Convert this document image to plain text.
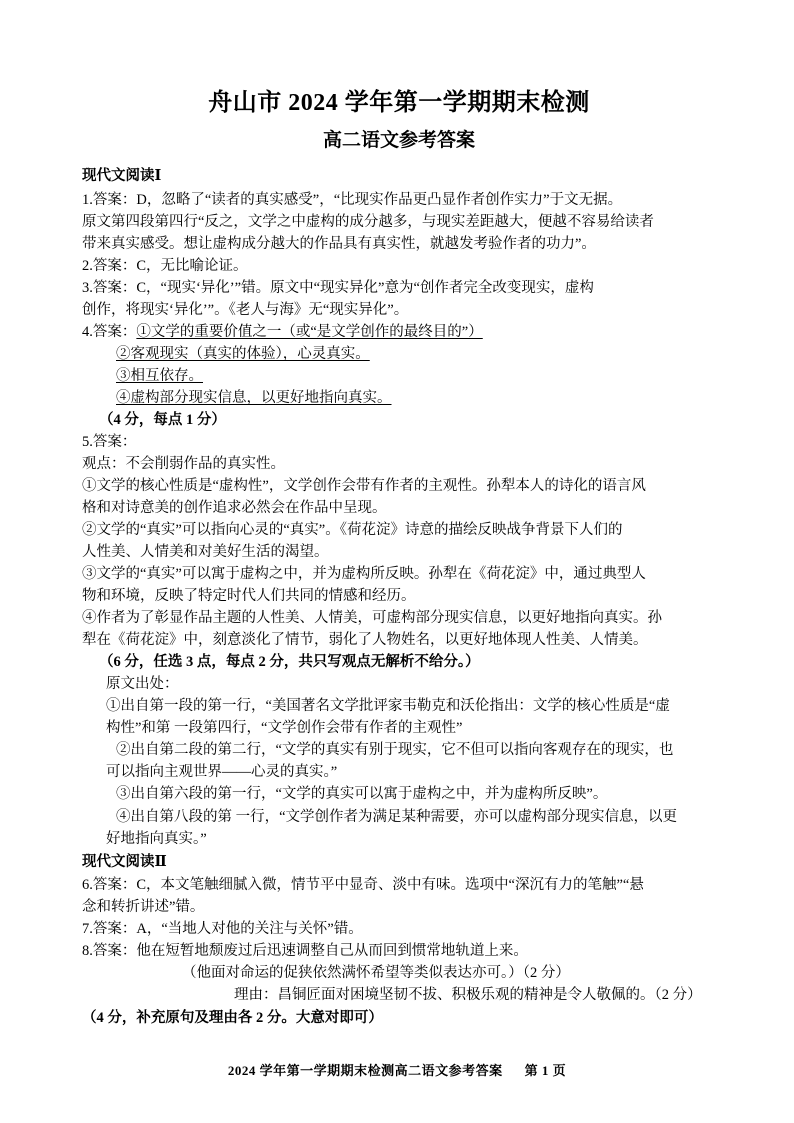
舟山市 2024 学年第一学期期末检测
高二语文参考答案

现代文阅读Ⅰ

1.答案：D，忽略了“读者的真实感受”，“比现实作品更凸显作者创作实力”于文无据。

原文第四段第四行“反之，文学之中虚构的成分越多，与现实差距越大，便越不容易给读者

带来真实感受。想让虚构成分越大的作品具有真实性，就越发考验作者的功力”。

2.答案：C，无比喻论证。

3.答案：C，“现实‘异化’”错。原文中“现实异化”意为“创作者完全改变现实，虚构

创作，将现实‘异化’”。《老人与海》无“现实异化”。

4.答案：①文学的重要价值之一（或“是文学创作的最终目的”）

②客观现实（真实的体验），心灵真实。

③相互依存。

④虚构部分现实信息，以更好地指向真实。

（4 分，每点 1 分）

5.答案：

观点：不会削弱作品的真实性。

①文学的核心性质是“虚构性”，文学创作会带有作者的主观性。孙犁本人的诗化的语言风

格和对诗意美的创作追求必然会在作品中呈现。

②文学的“真实”可以指向心灵的“真实”。《荷花淀》诗意的描绘反映战争背景下人们的

人性美、人情美和对美好生活的渴望。

③文学的“真实”可以寓于虚构之中，并为虚构所反映。孙犁在《荷花淀》中，通过典型人

物和环境，反映了特定时代人们共同的情感和经历。

④作者为了彰显作品主题的人性美、人情美，可虚构部分现实信息，以更好地指向真实。孙

犁在《荷花淀》中，刻意淡化了情节，弱化了人物姓名，以更好地体现人性美、人情美。

（6 分，任选 3 点，每点 2 分，共只写观点无解析不给分。）

原文出处：

①出自第一段的第一行，“美国著名文学批评家韦勒克和沃伦指出：文学的核心性质是“虚

构性”和第 一段第四行，“文学创作会带有作者的主观性”

②出自第二段的第二行，“文学的真实有别于现实，它不但可以指向客观存在的现实，也

可以指向主观世界——心灵的真实。”

③出自第六段的第一行，“文学的真实可以寓于虚构之中，并为虚构所反映”。

④出自第八段的第 一行，“文学创作者为满足某种需要，亦可以虚构部分现实信息，以更

好地指向真实。”

现代文阅读Ⅱ

6.答案：C，本文笔触细腻入微，情节平中显奇、淡中有味。选项中“深沉有力的笔触”“悬

念和转折讲述”错。

7.答案：A，“当地人对他的关注与关怀”错。

8.答案：他在短暂地颓废过后迅速调整自己从而回到惯常地轨道上来。

（他面对命运的促狭依然满怀希望等类似表达亦可。）（2 分）

理由：昌铜匠面对困境坚韧不拔、积极乐观的精神是令人敬佩的。（2 分）

（4 分，补充原句及理由各 2 分。大意对即可）

2024 学年第一学期期末检测高二语文参考答案 第 1 页
